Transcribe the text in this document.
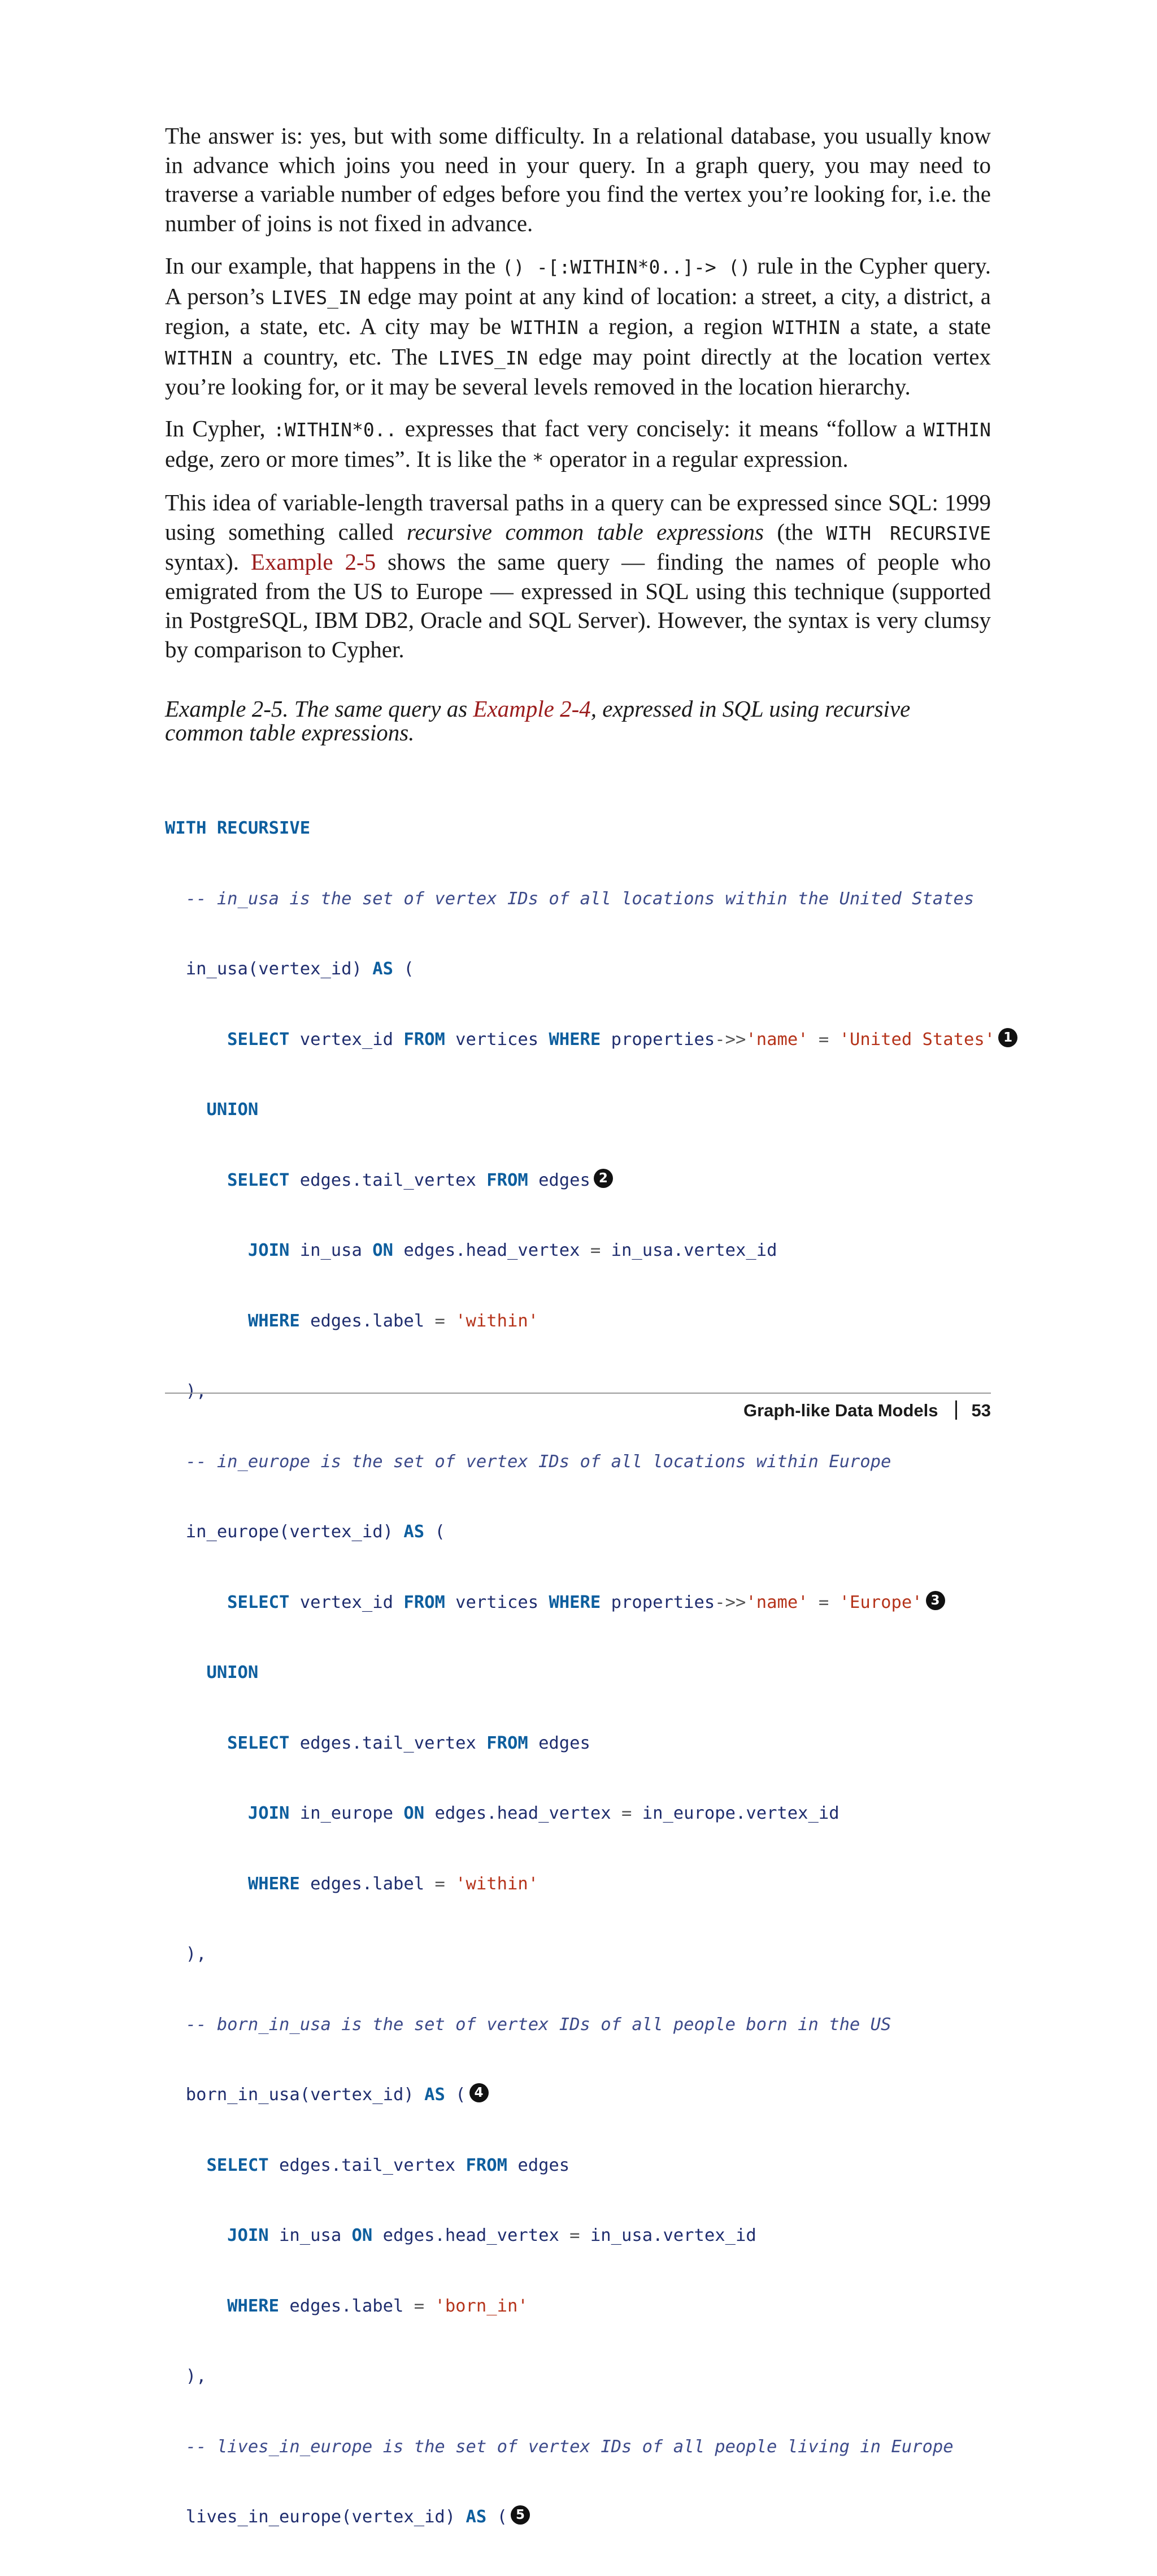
The answer is: yes, but with some difficulty. In a relational database, you usually know in advance which joins you need in your query. In a graph query, you may need to traverse a variable number of edges before you find the vertex you’re looking for, i.e. the number of joins is not fixed in advance.

In our example, that happens in the () -[:WITHIN*0..]-> () rule in the Cypher query. A person’s LIVES_IN edge may point at any kind of location: a street, a city, a district, a region, a state, etc. A city may be WITHIN a region, a region WITHIN a state, a state WITHIN a country, etc. The LIVES_IN edge may point directly at the location vertex you’re looking for, or it may be several levels removed in the location hierarchy.

In Cypher, :WITHIN*0.. expresses that fact very concisely: it means “follow a WITHIN edge, zero or more times”. It is like the * operator in a regular expression.

This idea of variable-length traversal paths in a query can be expressed since SQL: 1999 using something called recursive common table expressions (the WITH RECURSIVE syntax). Example 2-5 shows the same query — finding the names of people who emigrated from the US to Europe — expressed in SQL using this technique (supported in PostgreSQL, IBM DB2, Oracle and SQL Server). However, the syntax is very clumsy by comparison to Cypher.

Example 2-5. The same query as Example 2-4, expressed in SQL using recursive common table expressions.

WITH RECURSIVE

-- in_usa is the set of vertex IDs of all locations within the United States

in_usa(vertex_id) AS (

SELECT vertex_id FROM vertices WHERE properties->>'name' = 'United States' 1

UNION

SELECT edges.tail_vertex FROM edges 2

JOIN in_usa ON edges.head_vertex = in_usa.vertex_id

WHERE edges.label = 'within'

),

-- in_europe is the set of vertex IDs of all locations within Europe

in_europe(vertex_id) AS (

SELECT vertex_id FROM vertices WHERE properties->>'name' = 'Europe' 3

UNION

SELECT edges.tail_vertex FROM edges

JOIN in_europe ON edges.head_vertex = in_europe.vertex_id

WHERE edges.label = 'within'

),

-- born_in_usa is the set of vertex IDs of all people born in the US

born_in_usa(vertex_id) AS ( 4

SELECT edges.tail_vertex FROM edges

JOIN in_usa ON edges.head_vertex = in_usa.vertex_id

WHERE edges.label = 'born_in'

),

-- lives_in_europe is the set of vertex IDs of all people living in Europe

lives_in_europe(vertex_id) AS ( 5

Graph-like Data Models 53
